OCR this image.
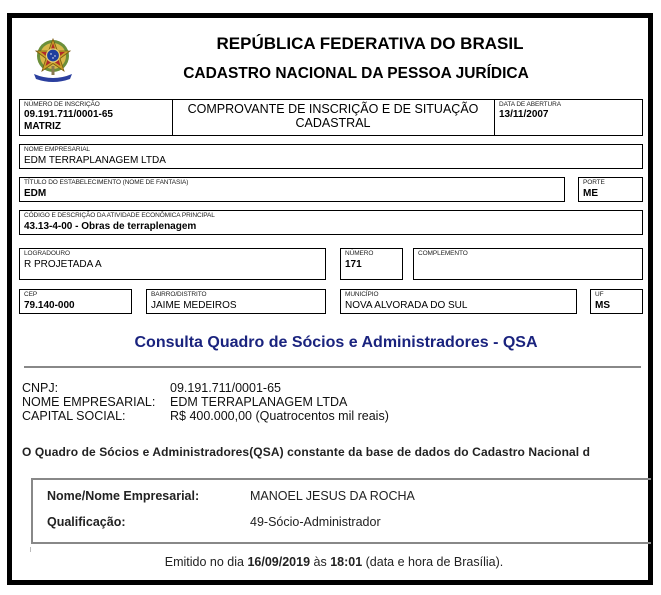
REPÚBLICA FEDERATIVA DO BRASIL
CADASTRO NACIONAL DA PESSOA JURÍDICA
NÚMERO DE INSCRIÇÃO
09.191.711/0001-65
MATRIZ
COMPROVANTE DE INSCRIÇÃO E DE SITUAÇÃO
CADASTRAL
DATA DE ABERTURA
13/11/2007
NOME EMPRESARIAL
EDM TERRAPLANAGEM LTDA
TÍTULO DO ESTABELECIMENTO (NOME DE FANTASIA)
EDM
PORTE
ME
CÓDIGO E DESCRIÇÃO DA ATIVIDADE ECONÔMICA PRINCIPAL
43.13-4-00 - Obras de terraplenagem
LOGRADOURO
R PROJETADA A
NÚMERO
171
COMPLEMENTO
CEP
79.140-000
BAIRRO/DISTRITO
JAIME MEDEIROS
MUNICÍPIO
NOVA ALVORADA DO SUL
UF
MS
Consulta Quadro de Sócios e Administradores - QSA
CNPJ:	09.191.711/0001-65
NOME EMPRESARIAL:	EDM TERRAPLANAGEM LTDA
CAPITAL SOCIAL:	R$ 400.000,00 (Quatrocentos mil reais)
O Quadro de Sócios e Administradores(QSA) constante da base de dados do Cadastro Nacional d
Nome/Nome Empresarial:	MANOEL JESUS DA ROCHA
Qualificação:	49-Sócio-Administrador
Emitido no dia 16/09/2019 às 18:01 (data e hora de Brasília).
